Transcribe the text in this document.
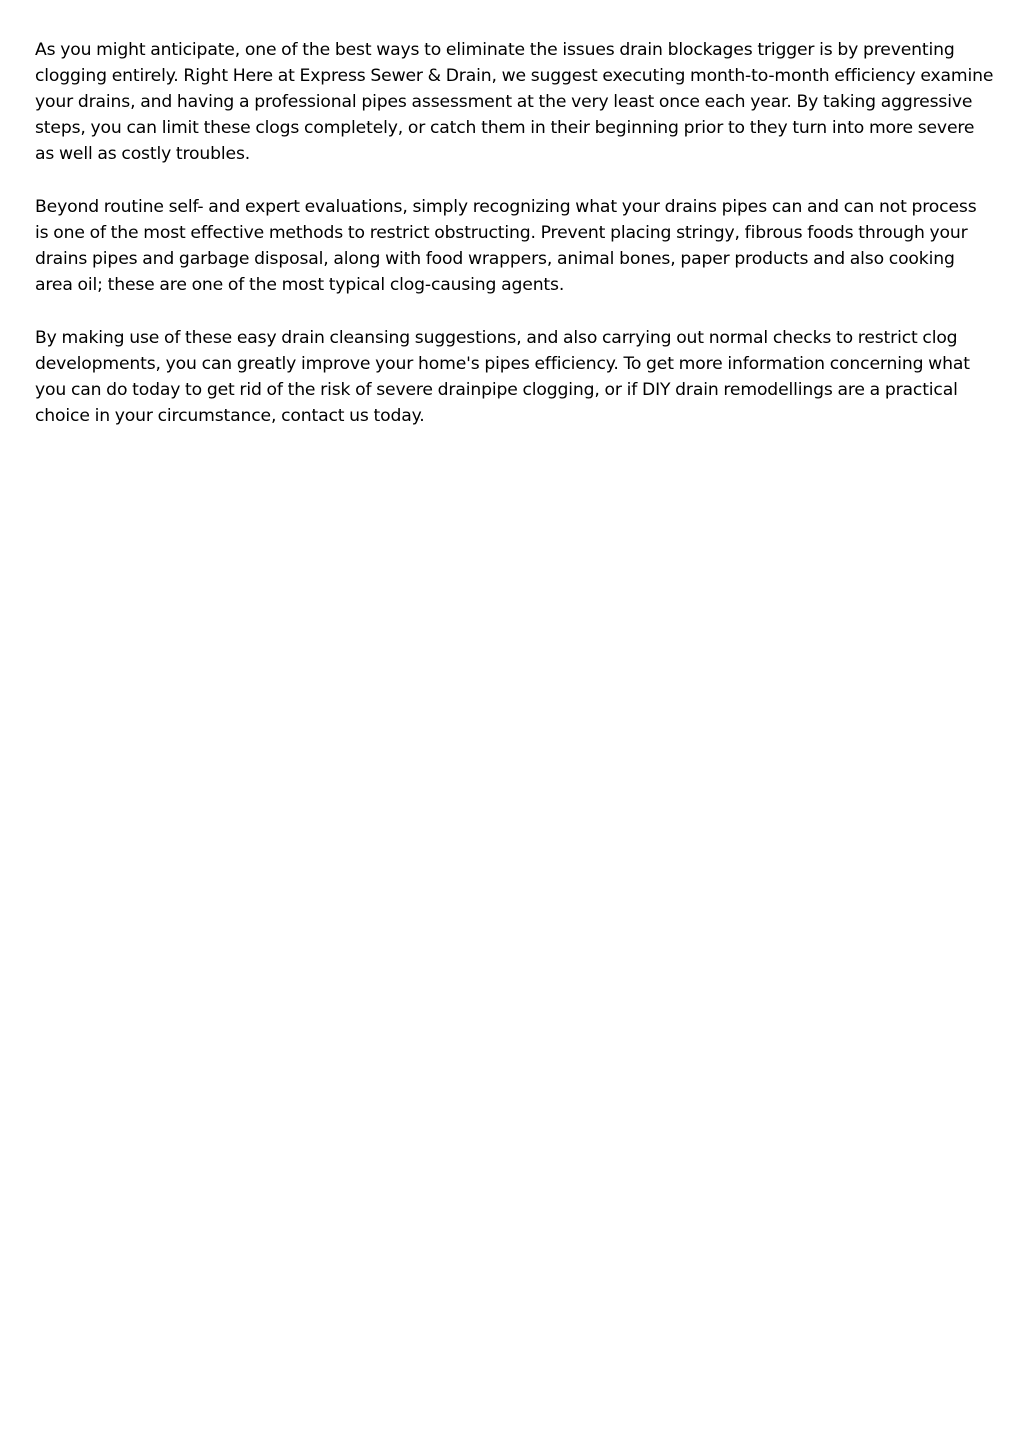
As you might anticipate, one of the best ways to eliminate the issues drain blockages trigger is by preventing clogging entirely. Right Here at Express Sewer & Drain, we suggest executing month-to-month efficiency examine your drains, and having a professional pipes assessment at the very least once each year. By taking aggressive steps, you can limit these clogs completely, or catch them in their beginning prior to they turn into more severe as well as costly troubles.

Beyond routine self- and expert evaluations, simply recognizing what your drains pipes can and can not process is one of the most effective methods to restrict obstructing. Prevent placing stringy, fibrous foods through your drains pipes and garbage disposal, along with food wrappers, animal bones, paper products and also cooking area oil; these are one of the most typical clog-causing agents.

By making use of these easy drain cleansing suggestions, and also carrying out normal checks to restrict clog developments, you can greatly improve your home's pipes efficiency. To get more information concerning what you can do today to get rid of the risk of severe drainpipe clogging, or if DIY drain remodellings are a practical choice in your circumstance, contact us today.
